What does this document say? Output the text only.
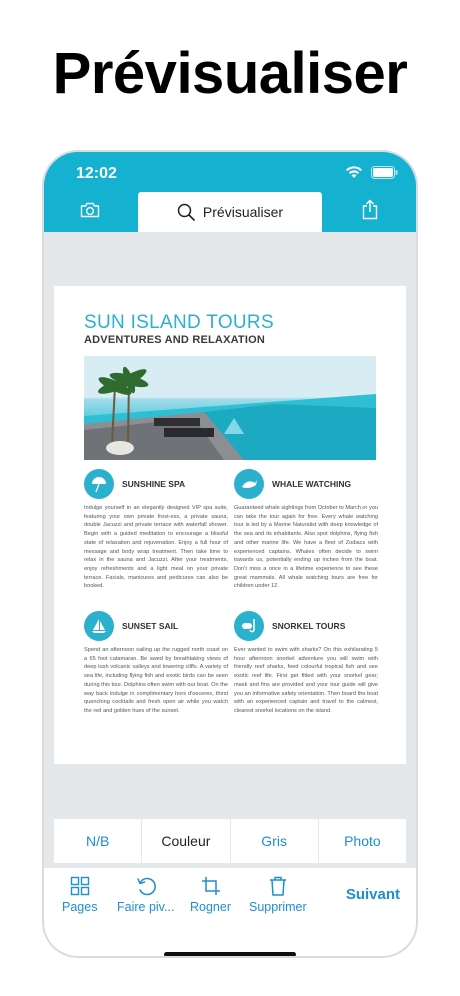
Prévisualiser
12:02
Prévisualiser
SUN ISLAND TOURS
ADVENTURES AND RELAXATION
SUNSHINE SPA
Indulge yourself in an elegantly designed VIP spa suite, featuring your own private frost-ess, a private sauna, double Jacuzzi and private terrace with waterfall shower. Begin with a guided meditation to encourage a blissful state of relaxation and rejuvenation. Enjoy a full hour of message and body wrap treatment. Then take time to relax in the sauna and Jacuzzi. After your treatments, enjoy refreshments and a light meal on your private terrace. Facials, manicures and pedicures can also be booked.
WHALE WATCHING
Guaranteed whale sightings from October to March or you can take the tour again for free. Every whale watching tour is led by a Marine Naturalist with deep knowledge of the sea and its inhabitants. Also spot dolphins, flying fish and other marine life. We have a fleet of Zodiacs with experienced captains. Whales often decide to swim towards us, potentially ending up inches from the boat. Don't miss a once in a lifetime experience to see these great mammals. All whale watching tours are free for children under 12.
SUNSET SAIL
Spend an afternoon sailing up the rugged north coast on a 65 foot catamaran. Be awed by breathtaking views of deep lush volcanic valleys and towering cliffs. A variety of sea life, including flying fish and exotic birds can be seen during this tour. Dolphins often swim with our boat. On the way back indulge in complimentary hors d'oeuvres, thirst quenching cocktails and fresh open air while you watch the red and golden hues of the sunset.
SNORKEL TOURS
Ever wanted to swim with sharks? On this exhilarating 5 hour afternoon snorkel adventure you will swim with friendly reef sharks, feed colourful tropical fish and see exotic reef life. First get fitted with your snorkel gear; mask and fins are provided and your tour guide will give you an informative safety orientation. Then board the boat with an experienced captain and travel to the calmest, clearest snorkel locations on the island.
N/B	Couleur	Gris	Photo
Pages Faire piv... Rogner Supprimer
Suivant
